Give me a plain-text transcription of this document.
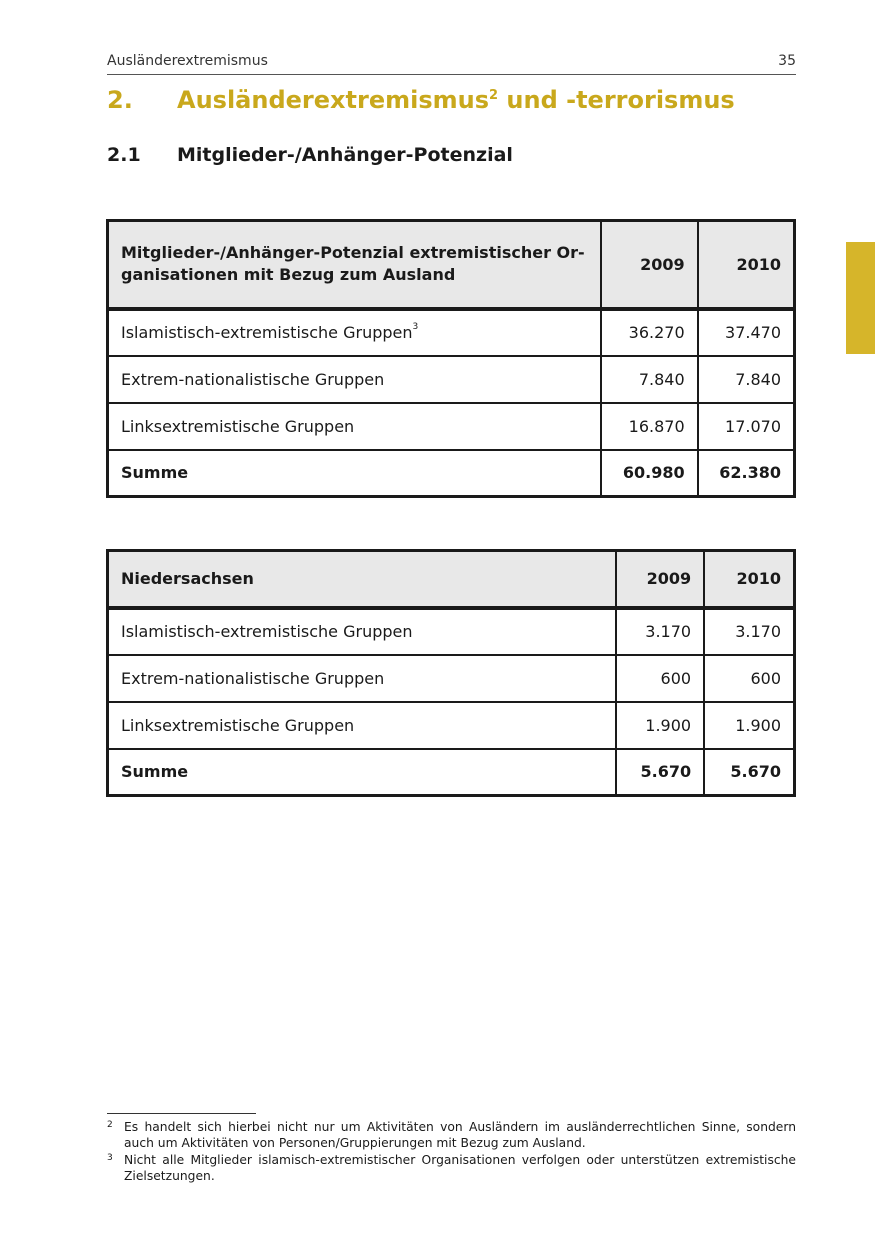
Ausländerextremismus	35
2. Ausländerextremismus$^2$ und -terrorismus
2.1 Mitglieder-/Anhänger-Potenzial
Mitglieder-/Anhänger-Potenzial extremistischer Or-
ganisationen mit Bezug zum Ausland	2009	2010
Islamistisch-extremistische Gruppen$^3$	36.270	37.470
Extrem-nationalistische Gruppen	7.840	7.840
Linksextremistische Gruppen	16.870	17.070
Summe	60.980	62.380
Niedersachsen	2009	2010
Islamistisch-extremistische Gruppen	3.170	3.170
Extrem-nationalistische Gruppen	600	600
Linksextremistische Gruppen	1.900	1.900
Summe	5.670	5.670
2 Es handelt sich hierbei nicht nur um Aktivitäten von Ausländern im ausländerrechtlichen Sinne, sondern auch um Aktivitäten von Personen/Gruppierungen mit Bezug zum Ausland.
3 Nicht alle Mitglieder islamisch-extremistischer Organisationen verfolgen oder unterstützen extremistische Zielsetzungen.
